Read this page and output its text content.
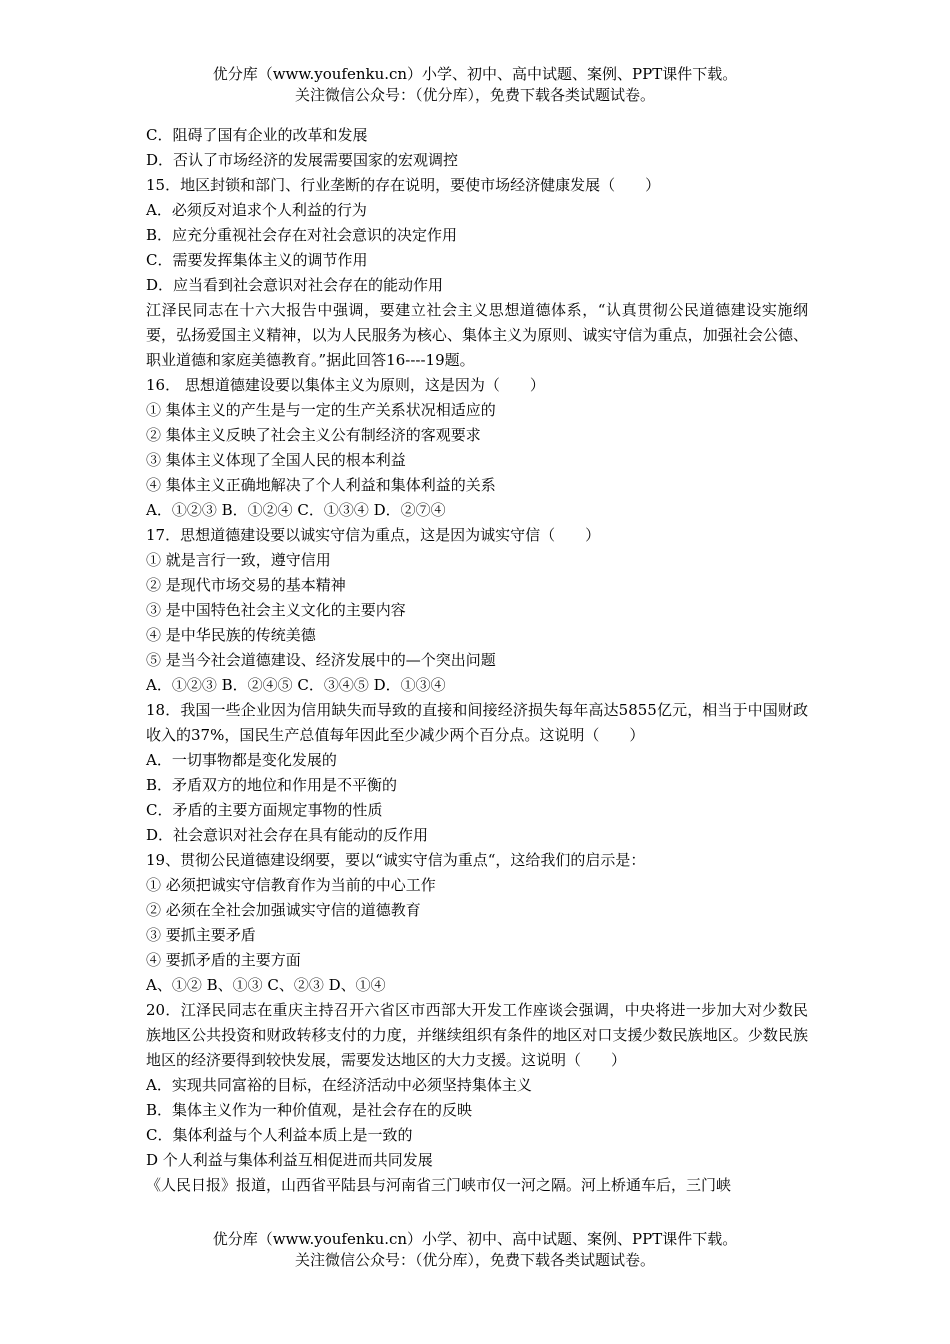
优分库（www.youfenku.cn）小学、初中、高中试题、案例、PPT课件下载。
关注微信公众号：（优分库），免费下载各类试题试卷。
C．阻碍了国有企业的改革和发展
D．否认了市场经济的发展需要国家的宏观调控
15．地区封锁和部门、行业垄断的存在说明，要使市场经济健康发展（　　）
A．必须反对追求个人利益的行为
B．应充分重视社会存在对社会意识的决定作用
C．需要发挥集体主义的调节作用
D．应当看到社会意识对社会存在的能动作用
江泽民同志在十六大报告中强调，要建立社会主义思想道德体系，“认真贯彻公民道德建设实施纲要，弘扬爱国主义精神，以为人民服务为核心、集体主义为原则、诚实守信为重点，加强社会公德、职业道德和家庭美德教育。”据此回答16----19题。
16． 思想道德建设要以集体主义为原则，这是因为（　　）
① 集体主义的产生是与一定的生产关系状况相适应的
② 集体主义反映了社会主义公有制经济的客观要求
③ 集体主义体现了全国人民的根本利益
④ 集体主义正确地解决了个人利益和集体利益的关系
A．①②③ B．①②④ C．①③④ D．②⑦④
17．思想道德建设要以诚实守信为重点，这是因为诚实守信（　　）
① 就是言行一致，遵守信用
② 是现代市场交易的基本精神
③ 是中国特色社会主义文化的主要内容
④ 是中华民族的传统美德
⑤ 是当今社会道德建设、经济发展中的—个突出问题
A．①②③ B．②④⑤ C．③④⑤ D．①③④
18．我国一些企业因为信用缺失而导致的直接和间接经济损失每年高达5855亿元，相当于中国财政收入的37%，国民生产总值每年因此至少减少两个百分点。这说明（　　）
A．一切事物都是变化发展的
B．矛盾双方的地位和作用是不平衡的
C．矛盾的主要方面规定事物的性质
D．社会意识对社会存在具有能动的反作用
19、贯彻公民道德建设纲要，要以“诚实守信为重点“，这给我们的启示是：
① 必须把诚实守信教育作为当前的中心工作
② 必须在全社会加强诚实守信的道德教育
③ 要抓主要矛盾
④ 要抓矛盾的主要方面
A、①② B、①③ C、②③ D、①④
20．江泽民同志在重庆主持召开六省区市西部大开发工作座谈会强调，中央将进一步加大对少数民族地区公共投资和财政转移支付的力度，并继续组织有条件的地区对口支援少数民族地区。少数民族地区的经济要得到较快发展，需要发达地区的大力支援。这说明（　　）
A．实现共同富裕的目标，在经济活动中必须坚持集体主义
B．集体主义作为一种价值观，是社会存在的反映
C．集体利益与个人利益本质上是一致的
D 个人利益与集体利益互相促进而共同发展
《人民日报》报道，山西省平陆县与河南省三门峡市仅一河之隔。河上桥通车后，三门峡
优分库（www.youfenku.cn）小学、初中、高中试题、案例、PPT课件下载。
关注微信公众号：（优分库），免费下载各类试题试卷。
